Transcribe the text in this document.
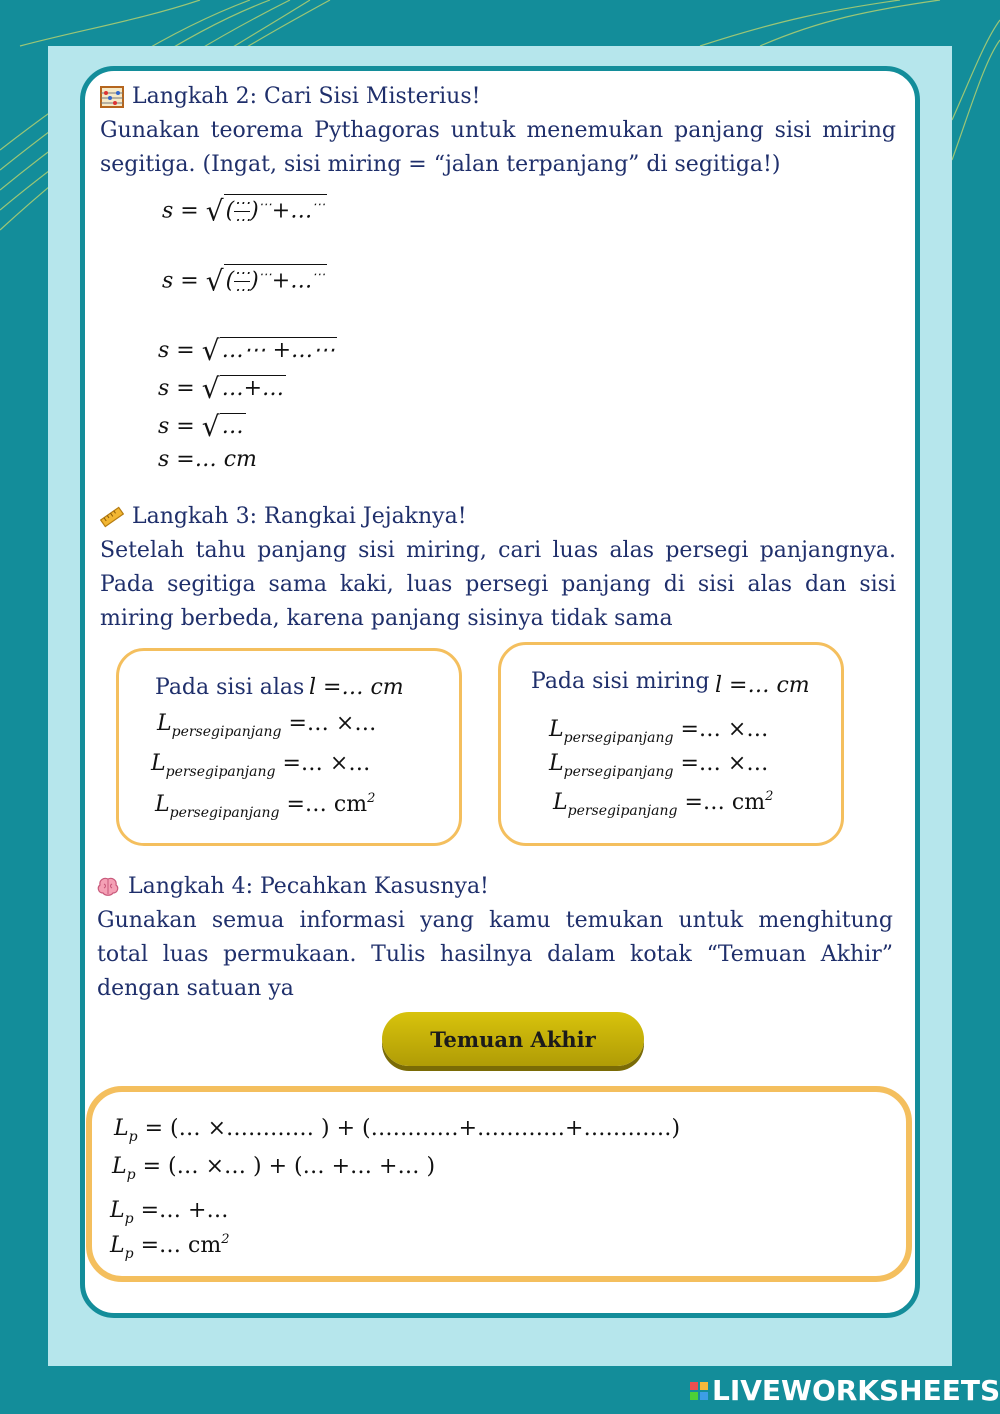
Langkah 2: Cari Sisi Misterius!
Gunakan teorema Pythagoras untuk menemukan panjang sisi miring segitiga. (Ingat, sisi miring = “jalan terpanjang” di segitiga!)
s = √( $\frac{\cdots}{\cdots}$ )⋯+…⋯
s = √( $\frac{\cdots}{\cdots}$ )⋯+…⋯
s = √…⋯ +…⋯
s = √…+…
s = √…
s =… cm
Langkah 3: Rangkai Jejaknya!
Setelah tahu panjang sisi miring, cari luas alas persegi panjangnya. Pada segitiga sama kaki, luas persegi panjang di sisi alas dan sisi miring berbeda, karena panjang sisinya tidak sama
Pada sisi alas l =… cm
$L_{persegipanjang}$ =… ×…
$L_{persegipanjang}$ =… ×…
$L_{persegipanjang}$ =… $cm^2$
Pada sisi miring l =… cm
$L_{persegipanjang}$ =… ×…
$L_{persegipanjang}$ =… ×…
$L_{persegipanjang}$ =… $cm^2$
Langkah 4: Pecahkan Kasusnya!
Gunakan semua informasi yang kamu temukan untuk menghitung total luas permukaan. Tulis hasilnya dalam kotak “Temuan Akhir” dengan satuan ya
Temuan Akhir
$L_p$ = (… ×………… ) + (…………+…………+…………)
$L_p$ = (… ×… ) + (… +… +… )
$L_p$ =… +…
$L_p$ =… $cm^2$
LIVEWORKSHEETS
